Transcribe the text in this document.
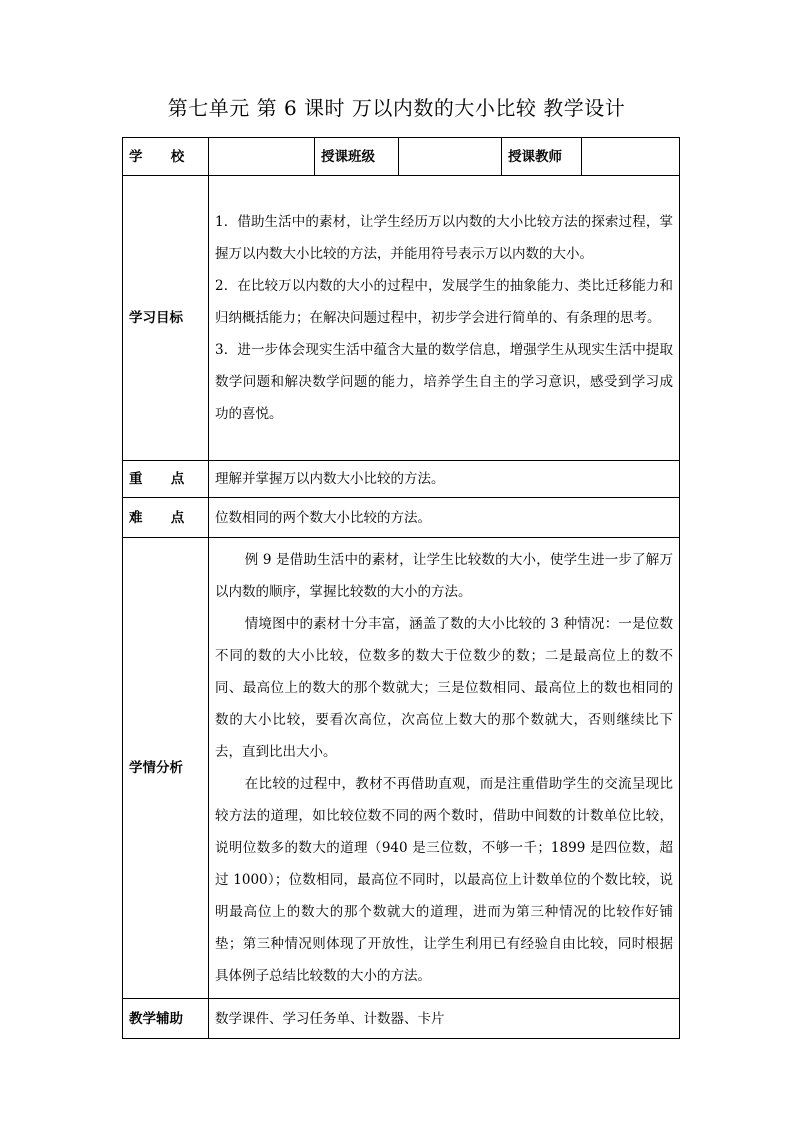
第七单元 第 6 课时 万以内数的大小比较 教学设计
学      校		授课班级		授课教师	
学习目标	1．借助生活中的素材，让学生经历万以内数的大小比较方法的探索过程，掌握万以内数大小比较的方法，并能用符号表示万以内数的大小。

2．在比较万以内数的大小的过程中，发展学生的抽象能力、类比迁移能力和归纳概括能力；在解决问题过程中，初步学会进行简单的、有条理的思考。

3．进一步体会现实生活中蕴含大量的数学信息，增强学生从现实生活中提取数学问题和解决数学问题的能力，培养学生自主的学习意识，感受到学习成功的喜悦。				

重      点	理解并掌握万以内数大小比较的方法。				
难      点	位数相同的两个数大小比较的方法。				
学情分析	例 9 是借助生活中的素材，让学生比较数的大小，使学生进一步了解万以内数的顺序，掌握比较数的大小的方法。

情境图中的素材十分丰富，涵盖了数的大小比较的 3 种情况：一是位数不同的数的大小比较，位数多的数大于位数少的数；二是最高位上的数不同、最高位上的数大的那个数就大；三是位数相同、最高位上的数也相同的数的大小比较，要看次高位，次高位上数大的那个数就大，否则继续比下去，直到比出大小。

在比较的过程中，教材不再借助直观，而是注重借助学生的交流呈现比较方法的道理，如比较位数不同的两个数时，借助中间数的计数单位比较，说明位数多的数大的道理（940 是三位数，不够一千；1899 是四位数，超过 1000）；位数相同，最高位不同时，以最高位上计数单位的个数比较，说明最高位上的数大的那个数就大的道理，进而为第三种情况的比较作好铺垫；第三种情况则体现了开放性，让学生利用已有经验自由比较，同时根据具体例子总结比较数的大小的方法。				

教学辅助	数学课件、学习任务单、计数器、卡片				
